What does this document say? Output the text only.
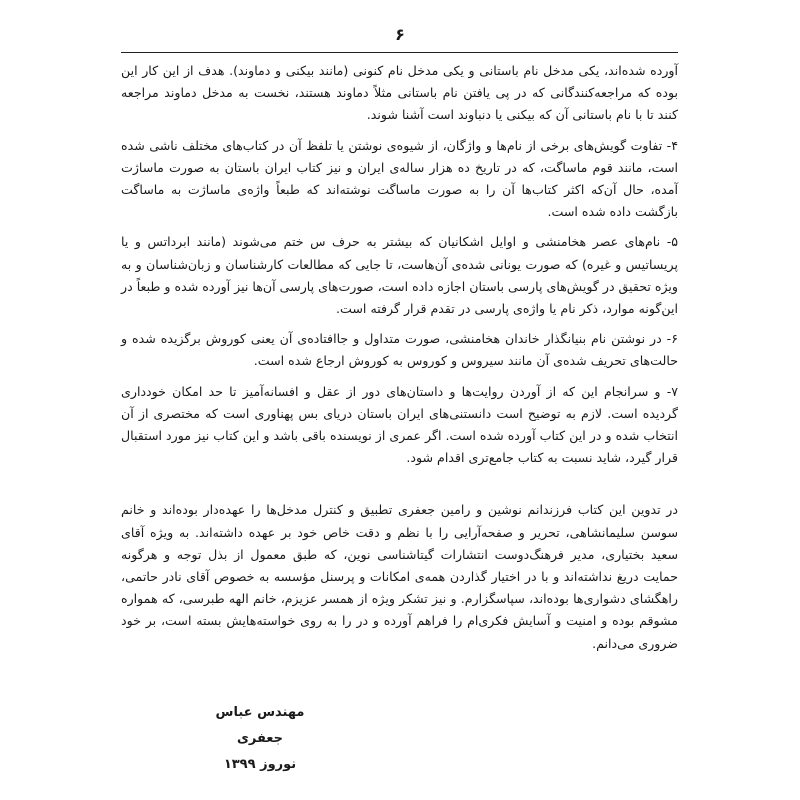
۶

آورده شده‌اند، یکی مدخل نام باستانی و یکی مدخل نام کنونی (مانند بیکنی و دماوند). هدف از این کار این بوده که مراجعه‌کنندگانی که در پی یافتن نام باستانی مثلاً دماوند هستند، نخست به مدخل دماوند مراجعه کنند تا با نام باستانی آن که بیکنی یا دنباوند است آشنا شوند.

۴- تفاوت گویش‌های برخی از نام‌ها و واژگان، از شیوه‌ی نوشتن یا تلفظ آن در کتاب‌های مختلف ناشی شده است، مانند قوم ماساگت، که در تاریخ ده هزار ساله‌ی ایران و نیز کتاب ایران باستان به صورت ماساژت آمده، حال آن‌که اکثر کتاب‌ها آن را به صورت ماساگت نوشته‌اند که طبعاً واژه‌ی ماساژت به ماساگت بازگشت داده شده است.

۵- نام‌های عصر هخامنشی و اوایل اشکانیان که بیشتر به حرف س ختم می‌شوند (مانند ابرداتس و یا پریساتیس و غیره) که صورت یونانی شده‌ی آن‌هاست، تا جایی که مطالعات کارشناسان و زبان‌شناسان و به ویژه تحقیق در گویش‌های پارسی باستان اجازه داده است، صورت‌های پارسی آن‌ها نیز آورده شده و طبعاً در این‌گونه موارد، ذکر نام یا واژه‌ی پارسی در تقدم قرار گرفته است.

۶- در نوشتن نام بنیانگذار خاندان هخامنشی، صورت متداول و جاافتاده‌ی آن یعنی کوروش برگزیده شده و حالت‌های تحریف شده‌ی آن مانند سیروس و کوروس به کوروش ارجاع شده است.

۷- و سرانجام این که از آوردن روایت‌ها و داستان‌های دور از عقل و افسانه‌آمیز تا حد امکان خودداری گردیده است. لازم به توضیح است دانستنی‌های ایران باستان دریای بس پهناوری است که مختصری از آن انتخاب شده و در این کتاب آورده شده است. اگر عمری از نویسنده باقی باشد و این کتاب نیز مورد استقبال قرار گیرد، شاید نسبت به کتاب جامع‌تری اقدام شود.

در تدوین این کتاب فرزندانم نوشین و رامین جعفری تطبیق و کنترل مدخل‌ها را عهده‌دار بوده‌اند و خانم سوسن سلیمانشاهی، تحریر و صفحه‌آرایی را با نظم و دقت خاص خود بر عهده داشته‌اند. به ویژه آقای سعید بختیاری، مدیر فرهنگ‌دوست انتشارات گیتاشناسی نوین، که طبق معمول از بذل توجه و هرگونه حمایت دریغ نداشته‌اند و با در اختیار گذاردن همه‌ی امکانات و پرسنل مؤسسه به خصوص آقای نادر حاتمی، راهگشای دشواری‌ها بوده‌اند، سپاسگزارم. و نیز تشکر ویژه از همسر عزیزم، خانم الهه طبرسی، که همواره مشوقم بوده و امنیت و آسایش فکری‌ام را فراهم آورده و در را به روی خواسته‌هایش بسته است، بر خود ضروری می‌دانم.

مهندس عباس جعفری
نوروز ۱۳۹۹
